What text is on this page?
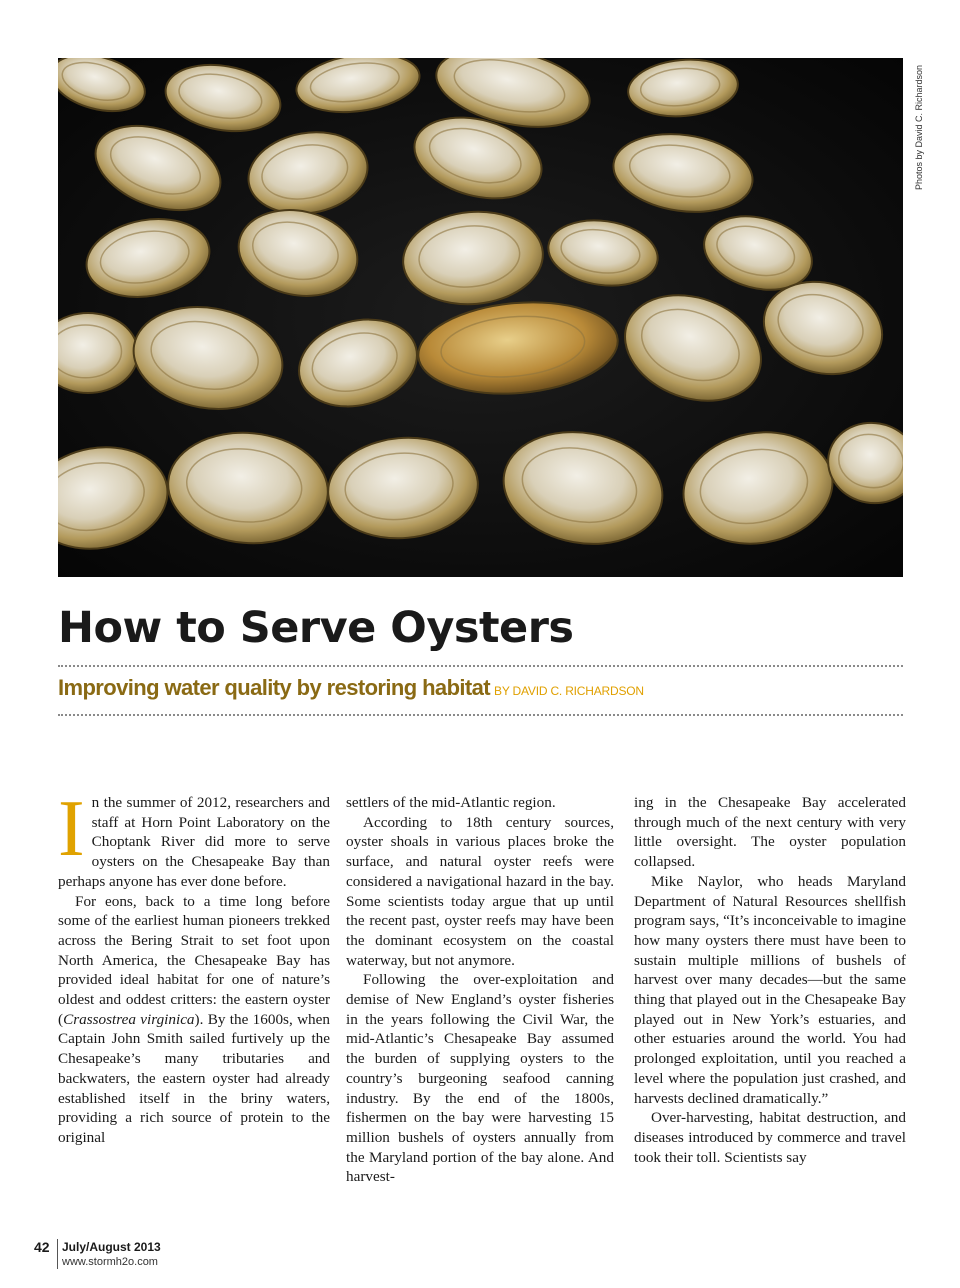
Photos by David C. Richardson
How to Serve Oysters
Improving water quality by restoring habitat BY DAVID C. RICHARDSON

In the summer of 2012, researchers and staff at Horn Point Laboratory on the Choptank River did more to serve oysters on the Chesapeake Bay than perhaps anyone has ever done before.

For eons, back to a time long before some of the earliest human pioneers trekked across the Bering Strait to set foot upon North America, the Chesapeake Bay has provided ideal habitat for one of nature’s oldest and oddest critters: the eastern oyster (Crassostrea virginica). By the 1600s, when Captain John Smith sailed furtively up the Chesapeake’s many tributaries and backwaters, the eastern oyster had already established itself in the briny waters, providing a rich source of protein to the original

settlers of the mid-Atlantic region.

According to 18th century sources, oyster shoals in various places broke the surface, and natural oyster reefs were considered a navigational hazard in the bay. Some scientists today argue that up until the recent past, oyster reefs may have been the dominant ecosystem on the coastal waterway, but not anymore.

Following the over-exploitation and demise of New England’s oyster fisheries in the years following the Civil War, the mid-Atlantic’s Chesapeake Bay assumed the burden of supplying oysters to the country’s burgeoning seafood canning industry. By the end of the 1800s, fishermen on the bay were harvesting 15 million bushels of oysters annually from the Maryland portion of the bay alone. And harvest-

ing in the Chesapeake Bay accelerated through much of the next century with very little oversight. The oyster population collapsed.

Mike Naylor, who heads Maryland Department of Natural Resources shellfish program says, “It’s inconceivable to imagine how many oysters there must have been to sustain multiple millions of bushels of harvest over many decades—but the same thing that played out in the Chesapeake Bay played out in New York’s estuaries, and other estuaries around the world. You had prolonged exploitation, until you reached a level where the population just crashed, and harvests declined dramatically.”

Over-harvesting, habitat destruction, and diseases introduced by commerce and travel took their toll. Scientists say

42 July/August 2013
www.stormh2o.com
